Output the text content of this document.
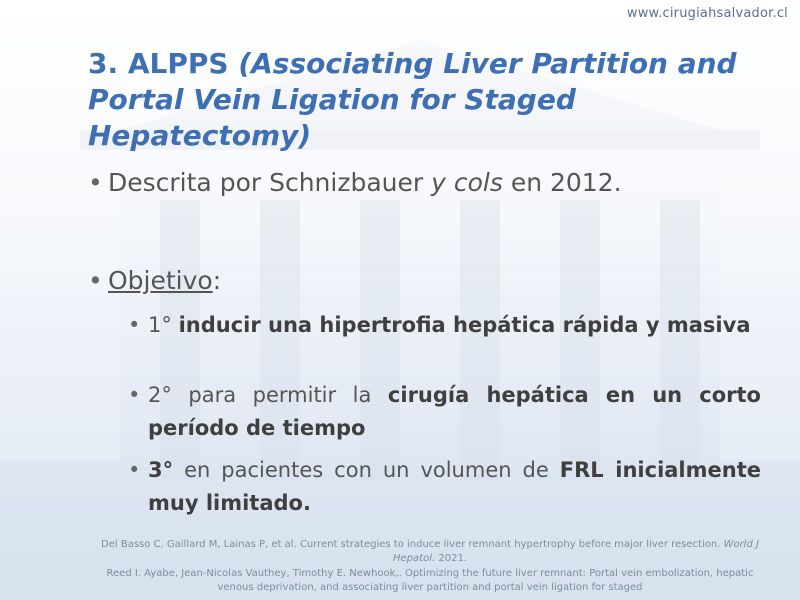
www.cirugiahsalvador.cl
3. ALPPS (Associating Liver Partition and
Portal Vein Ligation for Staged Hepatectomy)
• Descrita por Schnizbauer y cols en 2012.
• Objetivo:
• 1° inducir una hipertrofia hepática rápida y masiva
• 2° para permitir la cirugía hepática en un corto período de tiempo
• 3° en pacientes con un volumen de FRL inicialmente muy limitado.
Del Basso C, Gaillard M, Lainas P, et al. Current strategies to induce liver remnant hypertrophy before major liver resection. World J Hepatol. 2021.
Reed I. Ayabe, Jean-Nicolas Vauthey, Timothy E. Newhook,. Optimizing the future liver remnant: Portal vein embolization, hepatic venous deprivation, and associating liver partition and portal vein ligation for staged
